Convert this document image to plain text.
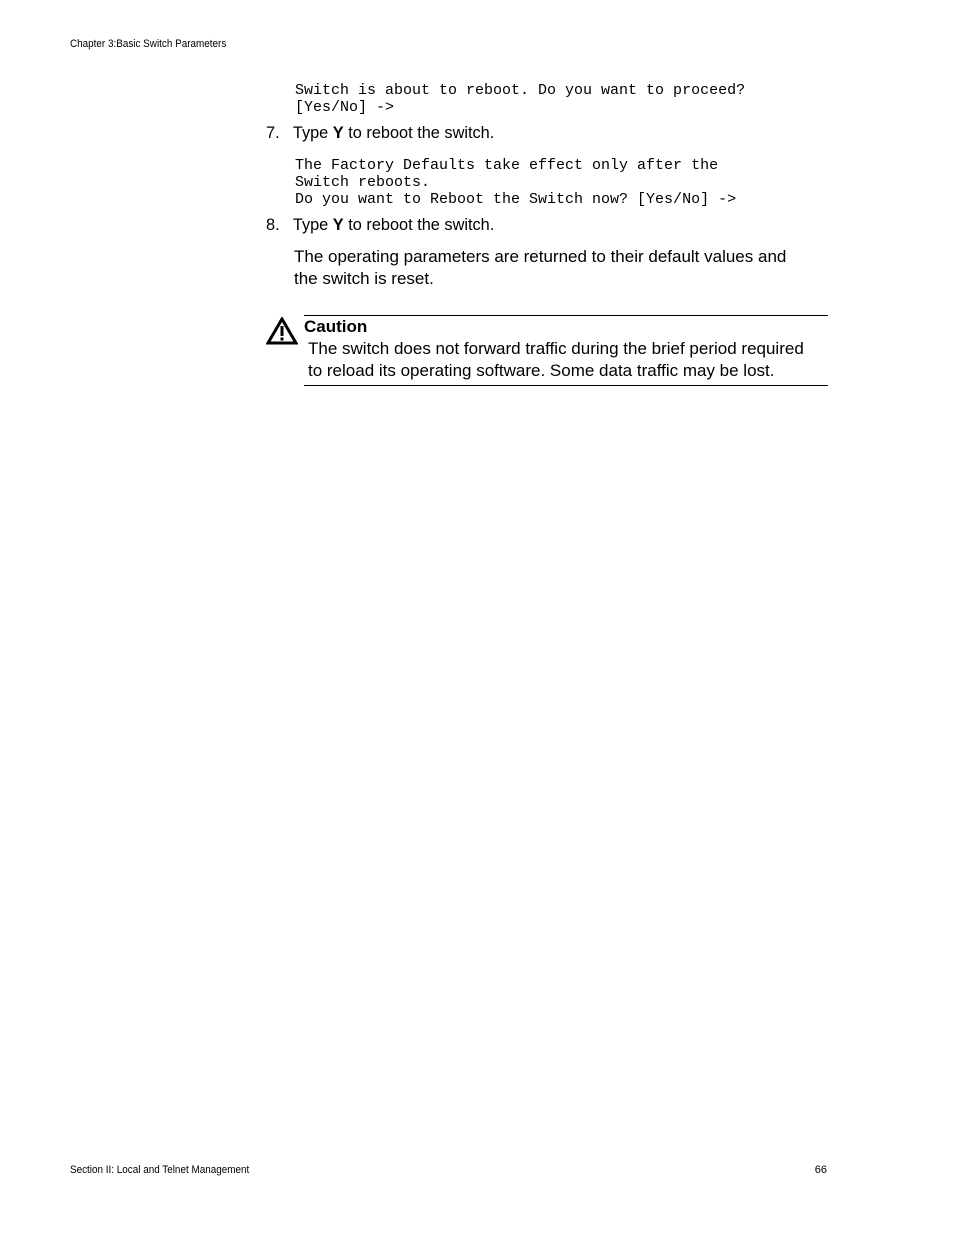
Chapter 3:Basic Switch Parameters
Switch is about to reboot. Do you want to proceed?
[Yes/No] ->
7. Type Y to reboot the switch.
The Factory Defaults take effect only after the
Switch reboots.
Do you want to Reboot the Switch now? [Yes/No] ->
8. Type Y to reboot the switch.
The operating parameters are returned to their default values and
the switch is reset.
Caution
The switch does not forward traffic during the brief period required
to reload its operating software. Some data traffic may be lost.
Section II: Local and Telnet Management	66
